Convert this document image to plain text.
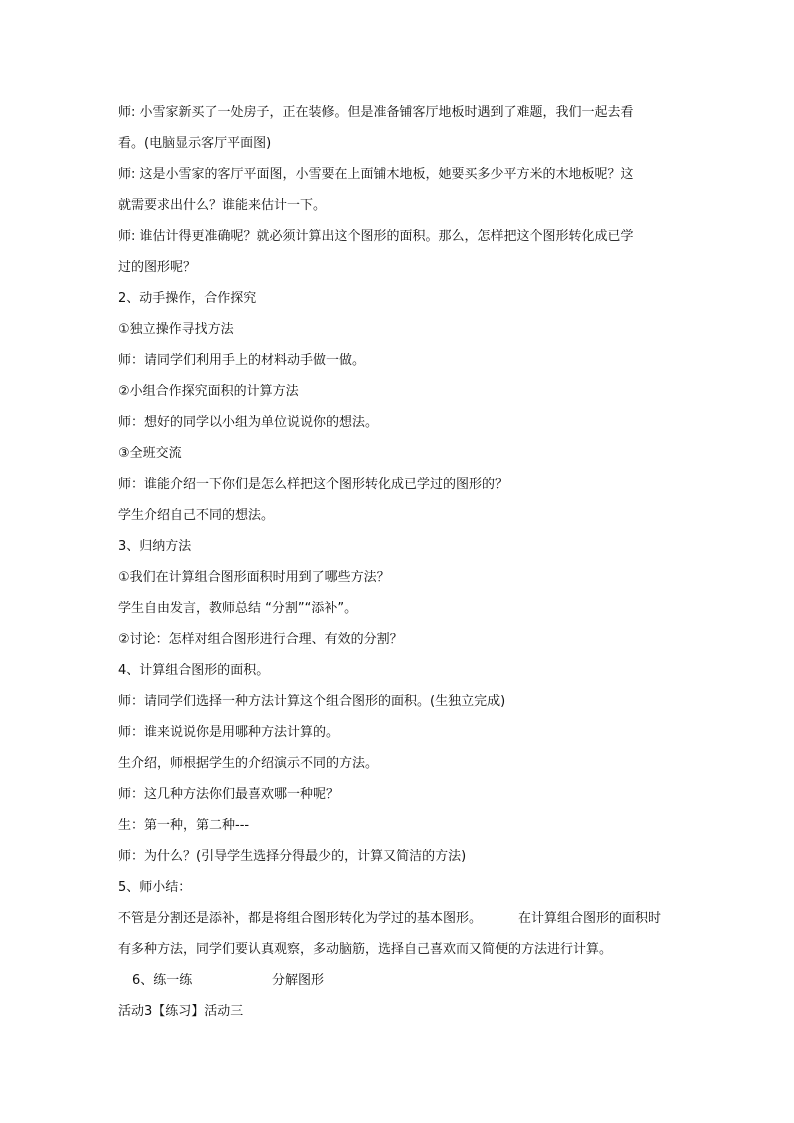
师: 小雪家新买了一处房子，正在装修。但是准备铺客厅地板时遇到了难题，我们一起去看
看。(电脑显示客厅平面图)
师: 这是小雪家的客厅平面图，小雪要在上面铺木地板，她要买多少平方米的木地板呢？这
就需要求出什么？谁能来估计一下。
师: 谁估计得更准确呢？就必须计算出这个图形的面积。那么，怎样把这个图形转化成已学
过的图形呢？
2、动手操作，合作探究
①独立操作寻找方法
师：请同学们利用手上的材料动手做一做。
②小组合作探究面积的计算方法
师：想好的同学以小组为单位说说你的想法。
③全班交流
师：谁能介绍一下你们是怎么样把这个图形转化成已学过的图形的？
学生介绍自己不同的想法。
3、归纳方法
①我们在计算组合图形面积时用到了哪些方法？
学生自由发言，教师总结 “分割”“添补”。
②讨论：怎样对组合图形进行合理、有效的分割？
4、计算组合图形的面积。
师：请同学们选择一种方法计算这个组合图形的面积。(生独立完成)
师：谁来说说你是用哪种方法计算的。
生介绍，师根据学生的介绍演示不同的方法。
师：这几种方法你们最喜欢哪一种呢？
生：第一种，第二种---
师：为什么？(引导学生选择分得最少的，计算又简洁的方法)
5、师小结：
不管是分割还是添补，都是将组合图形转化为学过的基本图形。	在计算组合图形的面积时
有多种方法，同学们要认真观察，多动脑筋，选择自己喜欢而又简便的方法进行计算。
6、练一练	分解图形
活动3【练习】活动三
